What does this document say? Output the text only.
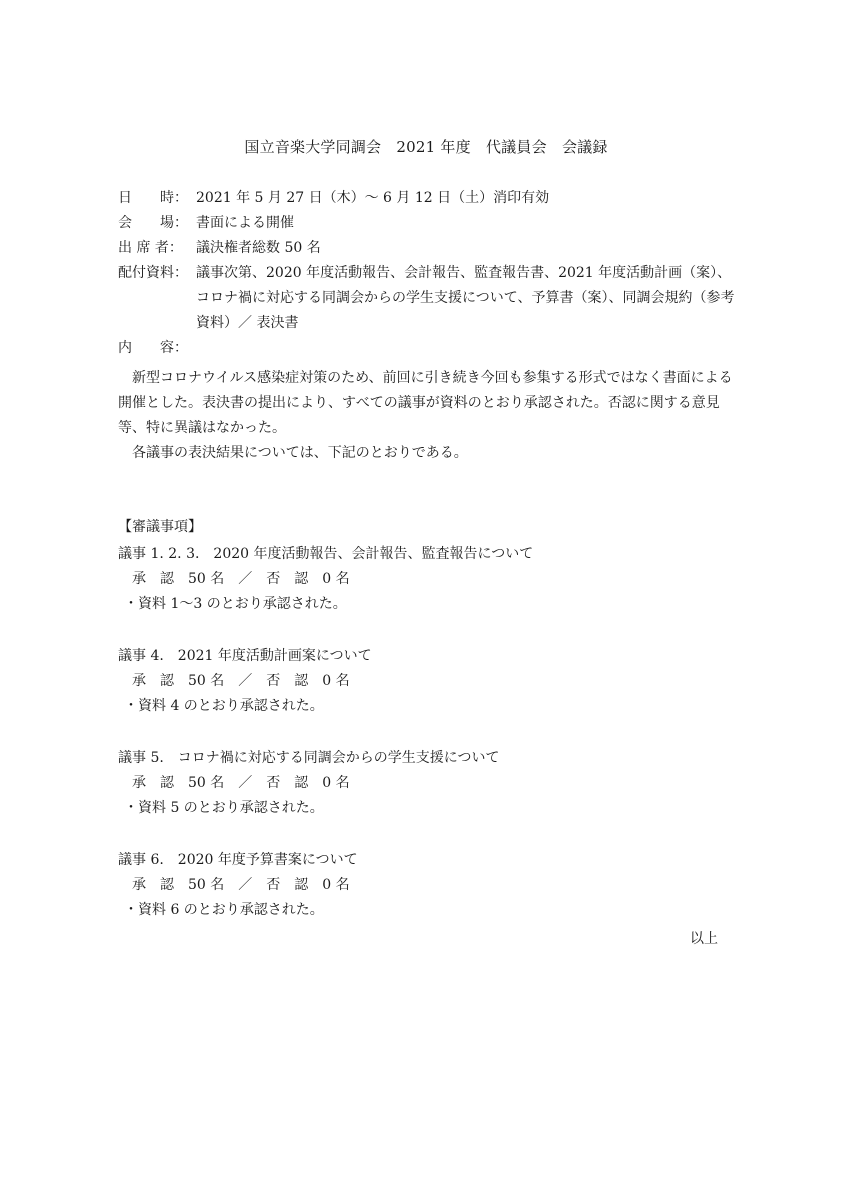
国立音楽大学同調会　2021 年度　代議員会　会議録
日　　時： 2021 年 5 月 27 日（木）～ 6 月 12 日（土）消印有効
会　　場： 書面による開催
出 席 者： 議決権者総数 50 名
配付資料： 議事次第、2020 年度活動報告、会計報告、監査報告書、2021 年度活動計画（案）、コロナ禍に対応する同調会からの学生支援について、予算書（案）、同調会規約（参考資料）／ 表決書
内　　容：

新型コロナウイルス感染症対策のため、前回に引き続き今回も参集する形式ではなく書面による開催とした。表決書の提出により、すべての議事が資料のとおり承認された。否認に関する意見等、特に異議はなかった。

各議事の表決結果については、下記のとおりである。

【審議事項】
議事 1. 2. 3.　2020 年度活動報告、会計報告、監査報告について
承　認　50 名　／　否　認　0 名
・資料 1～3 のとおり承認された。
議事 4.　2021 年度活動計画案について
承　認　50 名　／　否　認　0 名
・資料 4 のとおり承認された。
議事 5.　コロナ禍に対応する同調会からの学生支援について
承　認　50 名　／　否　認　0 名
・資料 5 のとおり承認された。
議事 6.　2020 年度予算書案について
承　認　50 名　／　否　認　0 名
・資料 6 のとおり承認された。
以上
